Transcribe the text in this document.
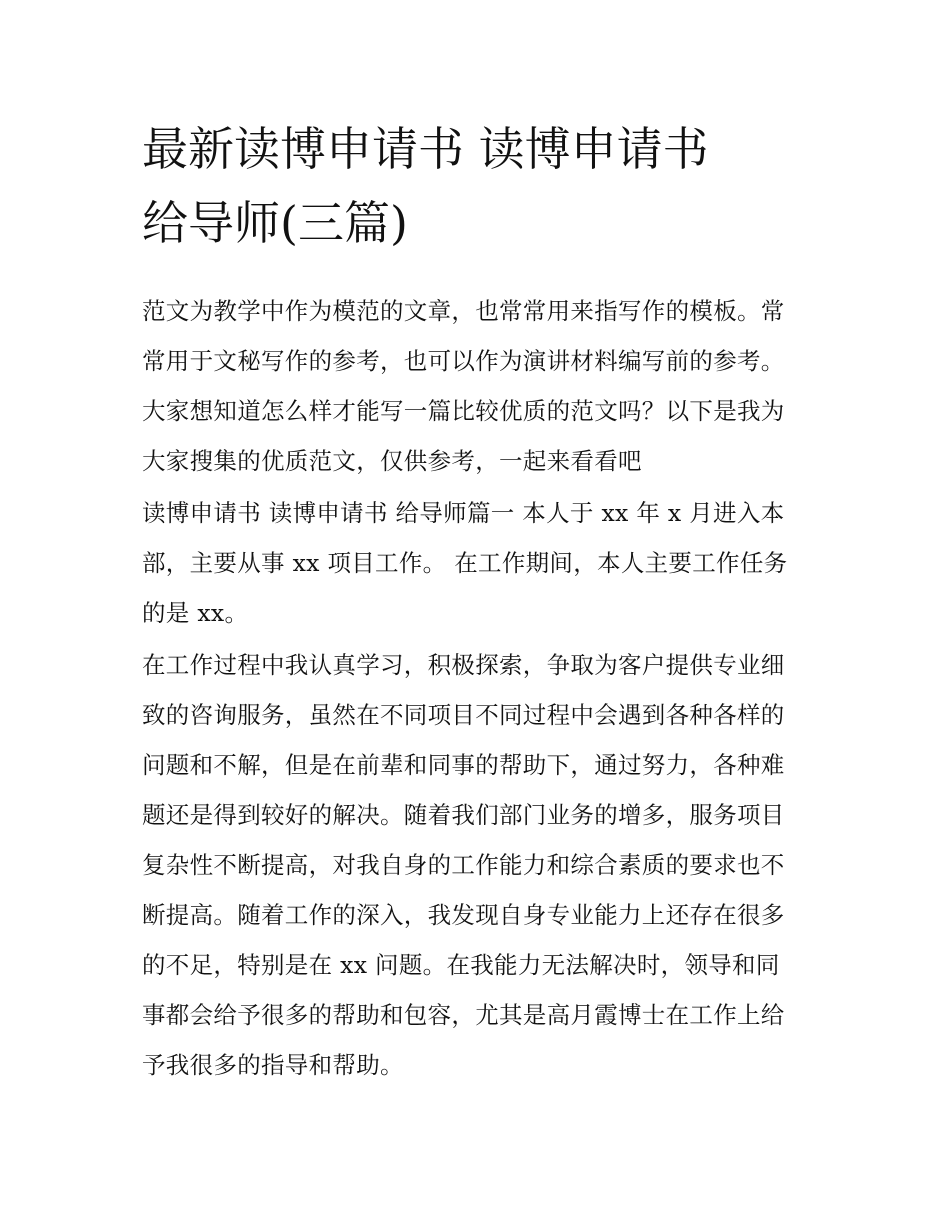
最新读博申请书 读博申请书
给导师(三篇)

范文为教学中作为模范的文章，也常常用来指写作的模板。常
常用于文秘写作的参考，也可以作为演讲材料编写前的参考。
大家想知道怎么样才能写一篇比较优质的范文吗？以下是我为
大家搜集的优质范文，仅供参考，一起来看看吧

读博申请书 读博申请书 给导师篇一 本人于 xx 年 x 月进入本
部，主要从事 xx 项目工作。 在工作期间，本人主要工作任务
的是 xx。

在工作过程中我认真学习，积极探索，争取为客户提供专业细
致的咨询服务，虽然在不同项目不同过程中会遇到各种各样的
问题和不解，但是在前辈和同事的帮助下，通过努力，各种难
题还是得到较好的解决。随着我们部门业务的增多，服务项目
复杂性不断提高，对我自身的工作能力和综合素质的要求也不
断提高。随着工作的深入，我发现自身专业能力上还存在很多
的不足，特别是在 xx 问题。在我能力无法解决时，领导和同
事都会给予很多的帮助和包容，尤其是高月霞博士在工作上给
予我很多的指导和帮助。
